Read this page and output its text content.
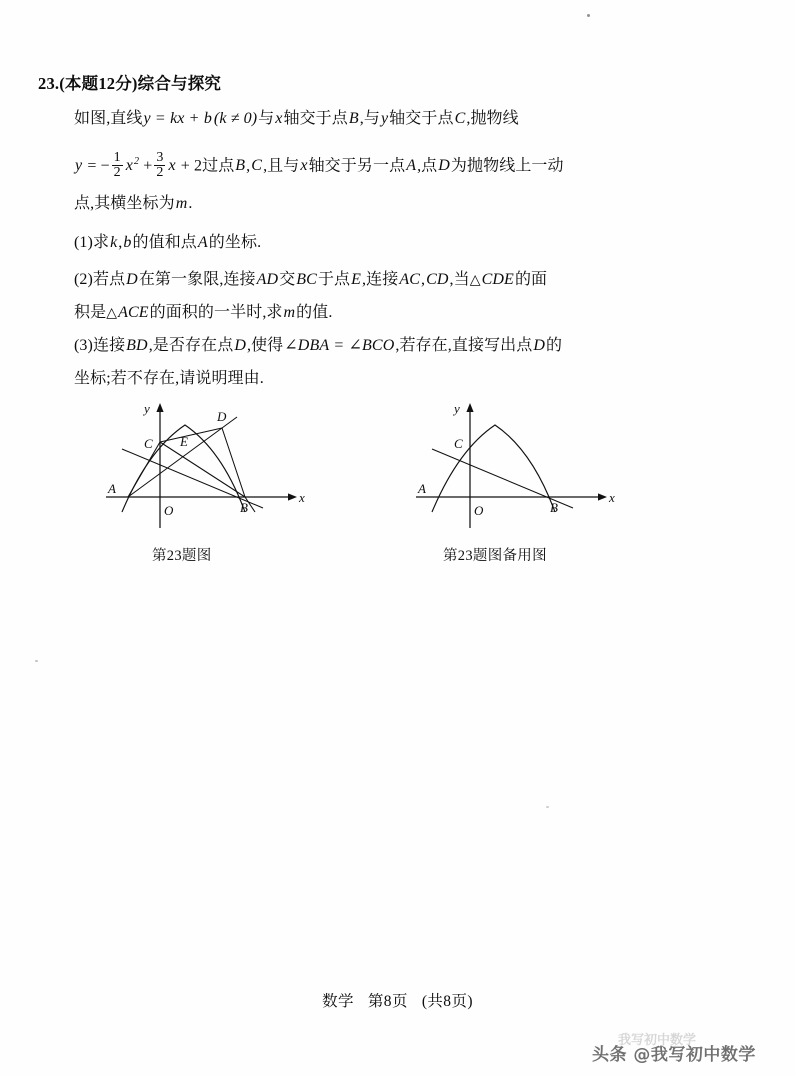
23.(本题12分)综合与探究
如图,直线y = kx + b (k ≠ 0)与x轴交于点B,与y轴交于点C,抛物线
y = − $\frac{1}{2} x^2 + \frac{3}{2}$ x + 2过点B,C,且与x轴交于另一点A,点D为抛物线上一动
点,其横坐标为m.
(1)求k,b的值和点A的坐标.
(2)若点D在第一象限,连接AD交BC于点E,连接AC,CD,当△CDE的面
积是△ACE的面积的一半时,求m的值.
(3)连接BD,是否存在点D,使得∠DBA = ∠BCO,若存在,直接写出点D的
坐标;若不存在,请说明理由.
A
B
C
D
E
O
y
x
第23题图
A
B
C
O
y
x
第23题图备用图
数学 第8页 (共8页)
我写初中数学
头条 @我写初中数学
